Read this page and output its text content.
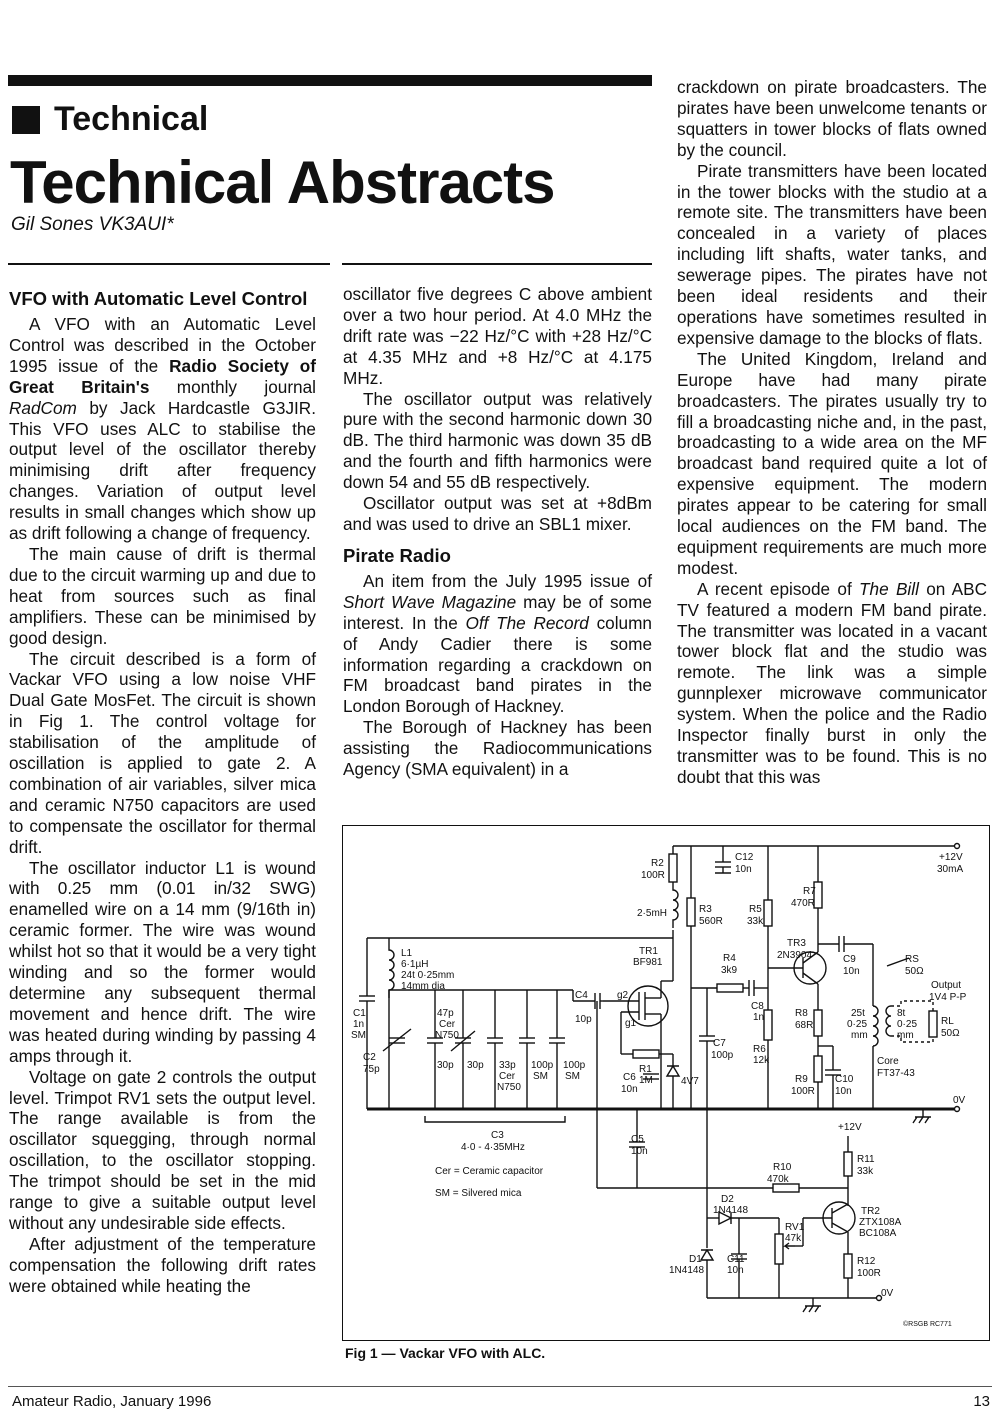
Technical
Technical Abstracts
Gil Sones VK3AUI*
VFO with Automatic Level Control

A VFO with an Automatic Level Control was described in the October 1995 issue of the Radio Society of Great Britain's monthly journal RadCom by Jack Hardcastle G3JIR. This VFO uses ALC to stabilise the output level of the oscillator thereby minimising drift after frequency changes. Variation of output level results in small changes which show up as drift following a change of frequency.

The main cause of drift is thermal due to the circuit warming up and due to heat from sources such as final amplifiers. These can be minimised by good design.

The circuit described is a form of Vackar VFO using a low noise VHF Dual Gate MosFet. The circuit is shown in Fig 1. The control voltage for stabilisation of the amplitude of oscillation is applied to gate 2. A combination of air variables, silver mica and ceramic N750 capacitors are used to compensate the oscillator for thermal drift.

The oscillator inductor L1 is wound with 0.25 mm (0.01 in/32 SWG) enamelled wire on a 14 mm (9/16th in) ceramic former. The wire was wound whilst hot so that it would be a very tight winding and so the former would determine any subsequent thermal movement and hence drift. The wire was heated during winding by passing 4 amps through it.

Voltage on gate 2 controls the output level. Trimpot RV1 sets the output level. The range available is from the oscillator squegging, through normal oscillation, to the oscillator stopping. The trimpot should be set in the mid range to give a suitable output level without any undesirable side effects.

After adjustment of the temperature compensation the following drift rates were obtained while heating the

oscillator five degrees C above ambient over a two hour period. At 4.0 MHz the drift rate was −22 Hz/°C with +28 Hz/°C at 4.35 MHz and +8 Hz/°C at 4.175 MHz.

The oscillator output was relatively pure with the second harmonic down 30 dB. The third harmonic was down 35 dB and the fourth and fifth harmonics were down 54 and 55 dB respectively.

Oscillator output was set at +8dBm and was used to drive an SBL1 mixer.

Pirate Radio

An item from the July 1995 issue of Short Wave Magazine may be of some interest. In the Off The Record column of Andy Cadier there is some information regarding a crackdown on FM broadcast band pirates in the London Borough of Hackney.

The Borough of Hackney has been assisting the Radiocommunications Agency (SMA equivalent) in a

crackdown on pirate broadcasters. The pirates have been unwelcome tenants or squatters in tower blocks of flats owned by the council.

Pirate transmitters have been located in the tower blocks with the studio at a remote site. The transmitters have been concealed in a variety of places including lift shafts, water tanks, and sewerage pipes. The pirates have not been ideal residents and their operations have sometimes resulted in expensive damage to the blocks of flats.

The United Kingdom, Ireland and Europe have had many pirate broadcasters. The pirates usually try to fill a broadcasting niche and, in the past, broadcasting to a wide area on the MF broadcast band required quite a lot of expensive equipment. The modern pirates appear to be catering for small local audiences on the FM band. The equipment requirements are much more modest.

A recent episode of The Bill on ABC TV featured a modern FM band pirate. The transmitter was located in a vacant tower block flat and the studio was remote. The link was a simple gunnplexer microwave communicator system. When the police and the Radio Inspector finally burst in only the transmitter was to be found. This is no doubt that this was

+12V
30mA
0V
+12V
0V
R2
100R
C12
10n
R7
470R
2·5mH	R3
560R
R5
33k
L1
6·1µH
24t 0·25mm
14mm dia
TR1
BF981
g2
g1
R4
3k9
TR3
2N3904	C9
10n
RS
50Ω
Output
1V4 P-P
C1
1n
SM
C4
10p
C8
1n
R1
1M
R6
12k
R8
68R
25t
0·25
mm
8t
0·25
mm
RL
50Ω
Core
FT37-43
47p
Cer
N750
C2
75p	30p 30p 33p
Cer
N750
100p
SM
100p
SM
C7
100p
C6
10n
4V7	R9
100R
C10
10n
C3
4·0 - 4·35MHz
Cer = Ceramic capacitor
SM = Silvered mica
C5
10n
R10
470k
R11
33k
D2
1N4148	TR2
ZTX108A
BC108A
RV1
47k
D1
1N4148
C11
10n
R12
100R
©RSGB RC771
Fig 1 — Vackar VFO with ALC.
Amateur Radio, January 1996	13
